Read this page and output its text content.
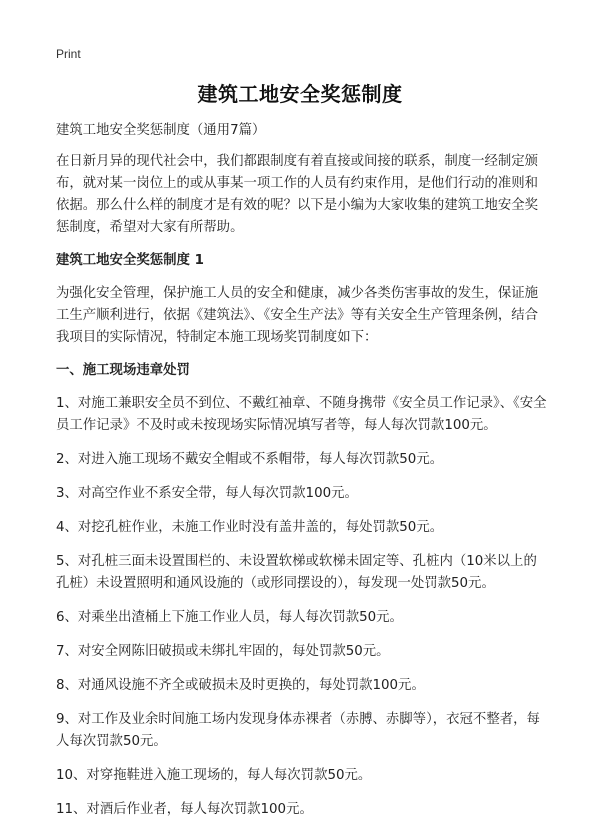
Print
建筑工地安全奖惩制度

建筑工地安全奖惩制度（通用7篇）

在日新月异的现代社会中，我们都跟制度有着直接或间接的联系，制度一经制定颁布，就对某一岗位上的或从事某一项工作的人员有约束作用，是他们行动的准则和依据。那么什么样的制度才是有效的呢？以下是小编为大家收集的建筑工地安全奖惩制度，希望对大家有所帮助。

建筑工地安全奖惩制度 1

为强化安全管理，保护施工人员的安全和健康，减少各类伤害事故的发生，保证施工生产顺利进行，依据《建筑法》、《安全生产法》等有关安全生产管理条例，结合我项目的实际情况，特制定本施工现场奖罚制度如下：

一、施工现场违章处罚

1、对施工兼职安全员不到位、不戴红袖章、不随身携带《安全员工作记录》、《安全员工作记录》不及时或未按现场实际情况填写者等，每人每次罚款100元。

2、对进入施工现场不戴安全帽或不系帽带，每人每次罚款50元。

3、对高空作业不系安全带，每人每次罚款100元。

4、对挖孔桩作业，未施工作业时没有盖井盖的，每处罚款50元。

5、对孔桩三面未设置围栏的、未设置软梯或软梯未固定等、孔桩内（10米以上的孔桩）未设置照明和通风设施的（或形同摆设的），每发现一处罚款50元。

6、对乘坐出渣桶上下施工作业人员，每人每次罚款50元。

7、对安全网陈旧破损或未绑扎牢固的，每处罚款50元。

8、对通风设施不齐全或破损未及时更换的，每处罚款100元。

9、对工作及业余时间施工场内发现身体赤裸者（赤膊、赤脚等），衣冠不整者，每人每次罚款50元。

10、对穿拖鞋进入施工现场的，每人每次罚款50元。

11、对酒后作业者，每人每次罚款100元。
